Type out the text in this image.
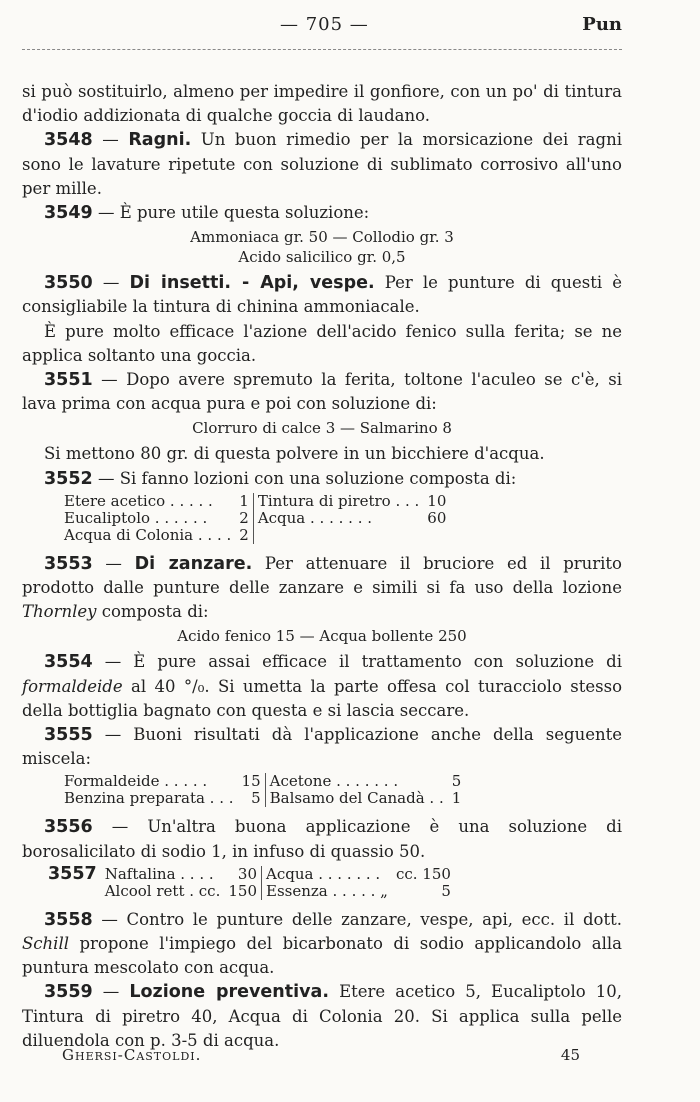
— 705 —	Pun

si può sostituirlo, almeno per impedire il gonfiore, con un po' di tintura d'iodio addizionata di qualche goccia di laudano.

3548 — Ragni. Un buon rimedio per la morsicazione dei ragni sono le lavature ripetute con soluzione di sublimato corrosivo all'uno per mille.

3549 — È pure utile questa soluzione:

Ammoniaca gr. 50 — Collodio gr. 3
Acido salicilico gr. 0,5

3550 — Di insetti. - Api, vespe. Per le punture di questi è consigliabile la tintura di chinina ammoniacale.

È pure molto efficace l'azione dell'acido fenico sulla ferita; se ne applica soltanto una goccia.

3551 — Dopo avere spremuto la ferita, toltone l'aculeo se c'è, si lava prima con acqua pura e poi con soluzione di:

Clorruro di calce 3 — Salmarino 8

Si mettono 80 gr. di questa polvere in un bicchiere d'acqua.

3552 — Si fanno lozioni con una soluzione composta di:

Etere acetico . . . . .	1	Tintura di piretro . . .	10
Eucaliptolo . . . . . .	2	Acqua . . . . . . .	60
Acqua di Colonia . . . .	2		

3553 — Di zanzare. Per attenuare il bruciore ed il prurito prodotto dalle punture delle zanzare e simili si fa uso della lozione Thornley composta di:

Acido fenico 15 — Acqua bollente 250

3554 — È pure assai efficace il trattamento con soluzione di formaldeide al 40 °/₀. Si umetta la parte offesa col turacciolo stesso della bottiglia bagnato con questa e si lascia seccare.

3555 — Buoni risultati dà l'applicazione anche della seguente miscela:

Formaldeide . . . . .	15	Acetone . . . . . . .	5
Benzina preparata . . .	5	Balsamo del Canadà . .	1

3556 — Un'altra buona applicazione è una soluzione di borosalicilato di sodio 1, in infuso di quassio 50.

3557	Naftalina . . . .	30	Acqua . . . . . . .	cc. 150
	Alcool rett . cc.	150	Essenza . . . . . „	5

3558 — Contro le punture delle zanzare, vespe, api, ecc. il dott. Schill propone l'impiego del bicarbonato di sodio applicandolo alla puntura mescolato con acqua.

3559 — Lozione preventiva. Etere acetico 5, Eucaliptolo 10, Tintura di piretro 40, Acqua di Colonia 20. Si applica sulla pelle diluendola con p. 3-5 di acqua.

Ghersi-Castoldi.	45
